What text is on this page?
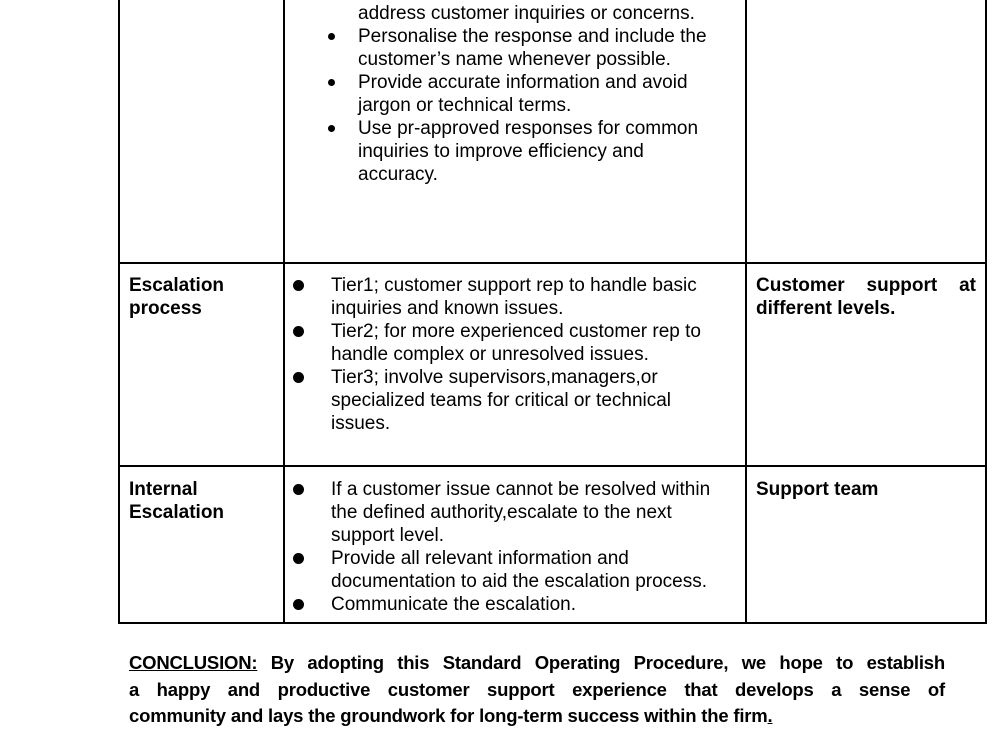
address customer inquiries or concerns.
Personalise the response and include the
customer’s name whenever possible.
Provide accurate information and avoid
jargon or technical terms.
Use pr-approved responses for common
inquiries to improve efficiency and
accuracy.
Escalation
process
Tier1; customer support rep to handle basic
inquiries and known issues.
Tier2; for more experienced customer rep to
handle complex or unresolved issues.
Tier3; involve supervisors,managers,or
specialized teams for critical or technical
issues.
Customer support at
different levels.
Internal
Escalation
If a customer issue cannot be resolved within
the defined authority,escalate to the next
support level.
Provide all relevant information and
documentation to aid the escalation process.
Communicate the escalation.
Support team
CONCLUSION: By adopting this Standard Operating Procedure, we hope to establish
a happy and productive customer support experience that develops a sense of
community and lays the groundwork for long-term success within the firm.
